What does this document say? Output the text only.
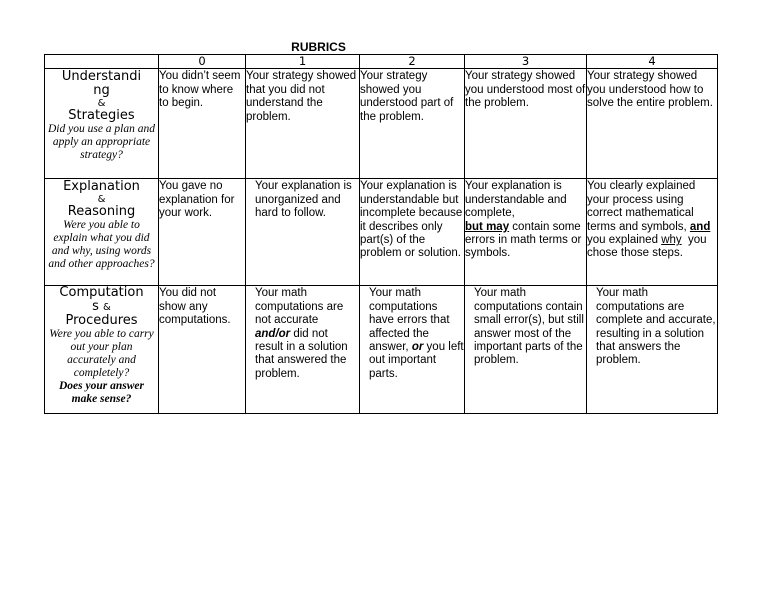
RUBRICS
	0	1	2	3	4

Understandi
ng
&
Strategies
Did you use a plan and apply an appropriate strategy?	You didn’t seem to know where to begin.	Your strategy showed that you did not understand the problem.	Your strategy showed you understood part of the problem.	Your strategy showed you understood most of the problem.	Your strategy showed you understood how to solve the entire problem.

Explanation
&
Reasoning
Were you able to explain what you did and why, using words and other approaches?	You gave no explanation for your work.	Your explanation is unorganized and hard to follow.	Your explanation is understandable but incomplete because it describes only part(s) of the problem or solution.	Your explanation is understandable and complete,
but may contain some errors in math terms or symbols.	You clearly explained your process using correct mathematical terms and symbols, and  you explained why you chose those steps.

Computation
s &
Procedures
Were you able to carry out your plan accurately and completely?
Does your answer make sense?	You did not show any computations.	Your math computations are not accurate
and/or did not result in a solution that answered the problem.	Your math computations have errors that affected the answer, or you left out important parts.	Your math computations contain small error(s), but still answer most of the important parts of the problem.	Your math computations are complete and accurate, resulting in a solution that answers the problem.
